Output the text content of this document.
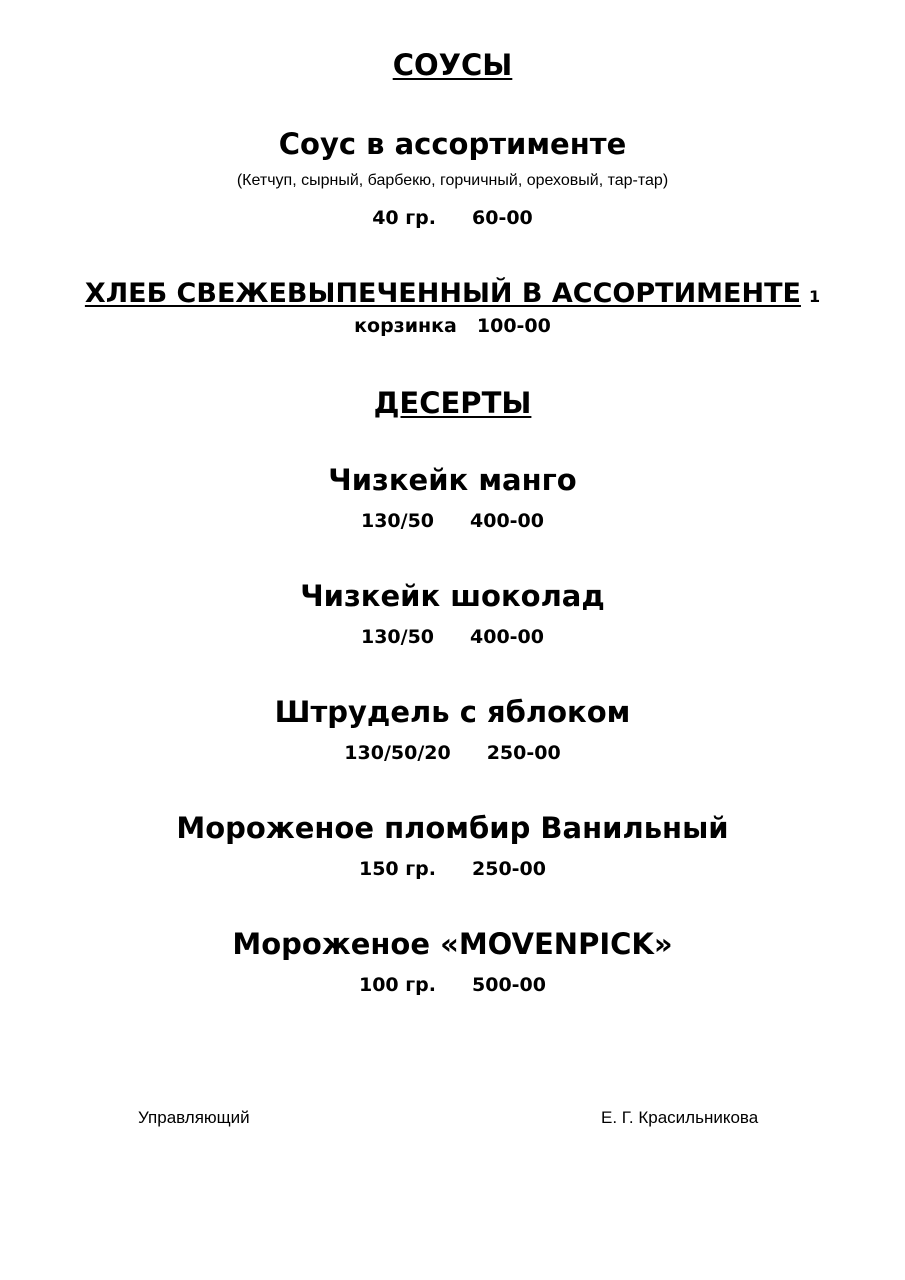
СОУСЫ
Соус в ассортименте
(Кетчуп, сырный, барбекю, горчичный, ореховый, тар-тар)
40 гр. 60-00
ХЛЕБ СВЕЖЕВЫПЕЧЕННЫЙ В АССОРТИМЕНТЕ 1
корзинка 100-00
ДЕСЕРТЫ
Чизкейк манго
130/50 400-00
Чизкейк шоколад
130/50 400-00
Штрудель с яблоком
130/50/20 250-00
Мороженое пломбир Ванильный
150 гр. 250-00
Мороженое «MOVENPICK»
100 гр. 500-00
Управляющий	Е. Г. Красильникова
